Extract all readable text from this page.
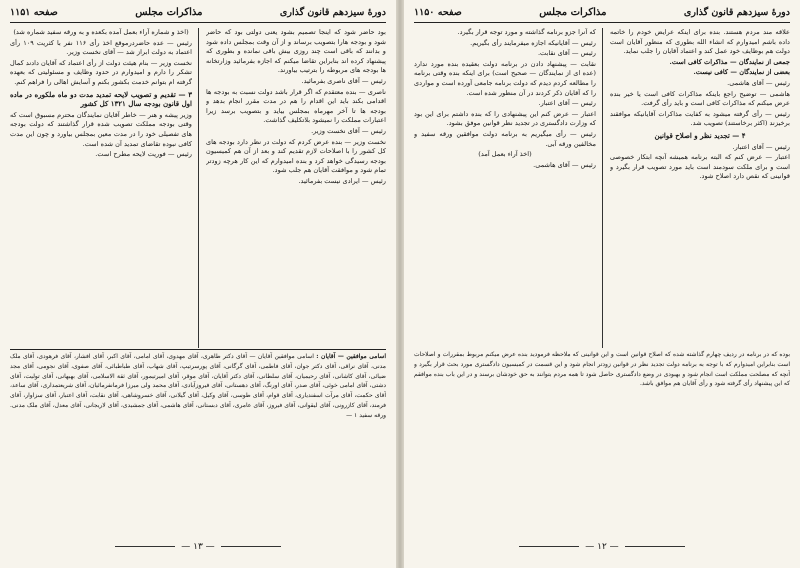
دورهٔ سیزدهم قانون گذاری
مذاکرات مجلس
صفحه ۱۱۵۱

بود حاضر شود که اینجا تصمیم بشود یعنی دولتی بود که حاضر شود و بودجه هارا بتصویب برساند و از آن وقت بمجلس داده شود و بدانند که باقی است چند روزی بیش باقی نمانده و بطوری که پیشنهاد کرده اند بنابراین تقاضا میکنم که اجازه بفرمائید وزارتخانه ها بودجه های مربوطه را بترتیب بیاورند.

رئیس — آقای ناصری بفرمائید.

ناصری — بنده معتقدم که اگر قرار باشد دولت نسبت به بودجه ها اقدامی بکند باید این اقدام را هم در مدت مقرر انجام بدهد و بودجه ها تا آخر مهرماه بمجلس بیاید و بتصویب برسد زیرا اعتبارات مملکت را نمیشود بلاتکلیف گذاشت.

رئیس — آقای نخست وزیر.

نخست وزیر — بنده عرض کردم که دولت در نظر دارد بودجه های کل کشور را با اصلاحات لازم تقدیم کند و بعد از آن هم کمیسیون بودجه رسیدگی خواهد کرد و بنده امیدوارم که این کار هرچه زودتر تمام شود و موافقت آقایان هم جلب شود.

رئیس — ایرادی نیست بفرمائید.

(اخذ و شماره آراء بعمل آمده بکعده و به ورقه سفید شماره شد)

رئیس — عده حاضردرموقع اخذ رأی ۱۱۶ نفر با کثریت ۱۰۹ رأی اعتماد به دولت ابراز شد — آقای نخست وزیر.

نخست وزیر — بنام هیئت دولت از رأی اعتماد که آقایان دادند کمال تشکر را دارم و امیدوارم در حدود وظایف و مسئولیتی که بعهده گرفته ام بتوانم خدمت بکشور بکنم و آسایش اهالی را فراهم کنم.

۳ — تقدیم و تصویب لایحه تمدید مدت دو ماه ملکوره در ماده اول قانون بودجه سال ۱۳۲۱ کل کشور

وزیر پیشه و هنر — خاطر آقایان نمایندگان محترم مسبوق است که وقتی بودجه مملکت تصویب شده قرار گذاشتند که دولت بودجه های تفصیلی خود را در مدت معین بمجلس بیاورد و چون این مدت کافی نبوده تقاضای تمدید آن شده است.

رئیس — فوریت لایحه مطرح است.

اسامی موافقین — آقایان : اسامی موافقین آقایان — آقای دکتر طاهری، آقای مهدوی، آقای امامی، آقای اکبر، آقای افشار، آقای فرهودی، آقای ملک مدنی، آقای نراقی، آقای دکتر جوان، آقای فاطمی، آقای گرگانی، آقای پورسرتیپ، آقای شهاب، آقای طباطبائی، آقای صفوی، آقای نجومی، آقای مجد ضیائی، آقای کاشانی، آقای رحیمیان، آقای سلطانی، آقای دکتر آقایان، آقای موقر، آقای امیرتیمور، آقای ثقة الاسلامی، آقای بهبهانی، آقای تولیت، آقای دشتی، آقای امامی خوئی، آقای صدر، آقای اورنگ، آقای دهستانی، آقای فیروزآبادی، آقای محمد ولی میرزا فرمانفرمائیان، آقای شریعتمداری، آقای ساعد، آقای حکمت، آقای مرآت اسفندیاری، آقای قوام، آقای طوسی، آقای وکیل، آقای گیلانی، آقای خسروشاهی، آقای نقابت، آقای اعتبار، آقای سزاوار، آقای فرمند، آقای کازرونی، آقای لیقوانی، آقای فیروز، آقای عامری، آقای دبستانی، آقای هاشمی، آقای جمشیدی، آقای لاریجانی، آقای معدل، آقای ملک مدنی. ورقه سفید ۱ —
— ۱۳ —
دورهٔ سیزدهم قانون گذاری
مذاکرات مجلس
صفحه ۱۱۵۰

علاقه مند مردم هستند. بنده برای اینکه عرایض خودم را خاتمه داده باشم امیدوارم که انشاء الله بطوری که منظور آقایان است دولت هم بوظایف خود عمل کند و اعتماد آقایان را جلب نماید.

جمعی از نمایندگان — مذاکرات کافی است.

بعضی از نمایندگان — کافی نیست.

رئیس — آقای هاشمی.

هاشمی — توضیح راجع باینکه مذاکرات کافی است یا خیر بنده عرض میکنم که مذاکرات کافی است و باید رأی گرفت.

رئیس — رأی گرفته میشود به کفایت مذاکرات آقایانیکه موافقند برخیزند (اکثر برخاستند) تصویب شد.

۴ — تجدید نظر و اصلاح قوانین

رئیس — آقای اعتبار.

اعتبار — عرض کنم که البته برنامه همیشه آنچه ابتکار خصوصی است و برای ملکت سودمند است باید مورد تصویب قرار بگیرد و قوانینی که نقص دارد اصلاح شود.

که آنرا جزو برنامه گذاشته و مورد توجه قرار بگیرد.

رئیس — آقایانیکه اجازه میفرمایند رأی بگیریم.

رئیس — آقای نقابت.

نقابت — پیشنهاد دادن در برنامه دولت بعقیده بنده مورد ندارد (عده ای از نمایندگان — صحیح است) برای اینکه بنده وقتی برنامه را مطالعه کردم دیدم که دولت برنامه جامعی آورده است و مواردی را که آقایان ذکر کردند در آن منظور شده است.

رئیس — آقای اعتبار.

اعتبار — عرض کنم این پیشنهادی را که بنده داشتم برای این بود که وزارت دادگستری در تجدید نظر قوانین موفق بشود.

رئیس — رأی میگیریم به برنامه دولت موافقین ورقه سفید و مخالفین ورقه آبی.

(اخذ آراء بعمل آمد)

رئیس — آقای هاشمی.

بوده که در برنامه در ردیف چهارم گذاشته شده که اصلاح قوانین است و این قوانینی که ملاحظه فرمودید بنده عرض میکنم مربوط بمقررات و اصلاحات است بنابراین امیدوارم که با توجه به برنامه دولت تجدید نظر در قوانین زودتر انجام شود و این قسمت در کمیسیون دادگستری مورد بحث قرار بگیرد و آنچه که مصلحت مملکت است انجام شود و بهبودی در وضع دادگستری حاصل شود تا همه مردم بتوانند به حق خودشان برسند و در این باب بنده موافقم که این پیشنهاد رأی گرفته شود و رأی آقایان هم موافق باشد.
— ۱۲ —
